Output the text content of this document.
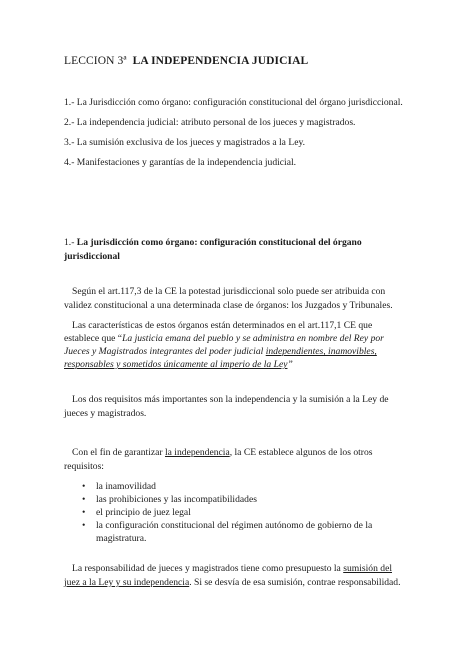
LECCION 3ª LA INDEPENDENCIA JUDICIAL
1.- La Jurisdicción como órgano: configuración constitucional del órgano jurisdiccional.
2.- La independencia judicial: atributo personal de los jueces y magistrados.
3.- La sumisión exclusiva de los jueces y magistrados a la Ley.
4.- Manifestaciones y garantías de la independencia judicial.
1.- La jurisdicción como órgano: configuración constitucional del órgano
jurisdiccional
Según el art.117,3 de la CE la potestad jurisdiccional solo puede ser atribuida con
validez constitucional a una determinada clase de órganos: los Juzgados y Tribunales.
Las características de estos órganos están determinados en el art.117,1 CE que
establece que “La justicia emana del pueblo y se administra en nombre del Rey por
Jueces y Magistrados integrantes del poder judicial independientes, inamovibles,
responsables y sometidos únicamente al imperio de la Ley”
Los dos requisitos más importantes son la independencia y la sumisión a la Ley de
jueces y magistrados.
Con el fin de garantizar la independencia, la CE establece algunos de los otros
requisitos:
• la inamovilidad
• las prohibiciones y las incompatibilidades
• el principio de juez legal
• la configuración constitucional del régimen autónomo de gobierno de la
magistratura.
La responsabilidad de jueces y magistrados tiene como presupuesto la sumisión del
juez a la Ley y su independencia. Si se desvía de esa sumisión, contrae responsabilidad.
